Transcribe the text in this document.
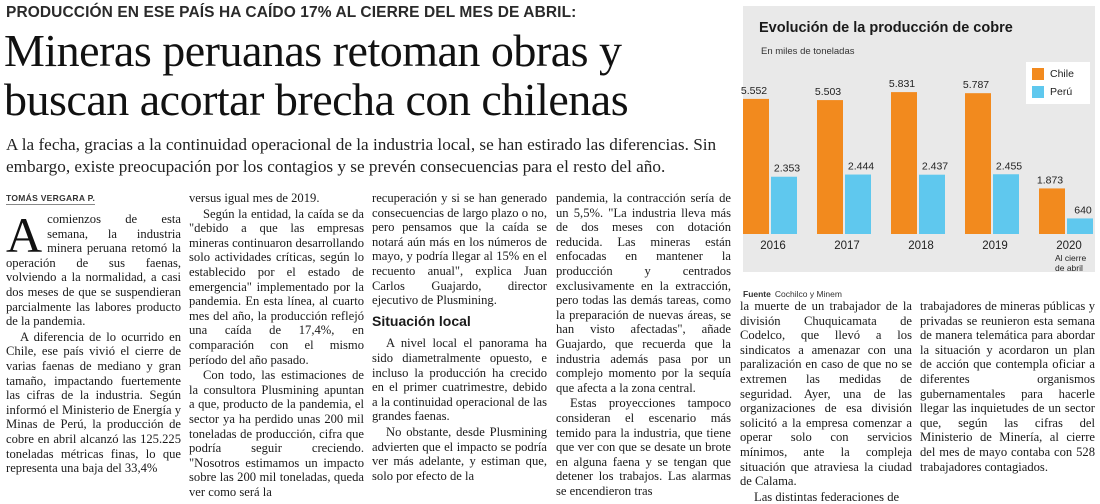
PRODUCCIÓN EN ESE PAÍS HA CAÍDO 17% AL CIERRE DEL MES DE ABRIL:
Mineras peruanas retoman obras y
buscan acortar brecha con chilenas
A la fecha, gracias a la continuidad operacional de la industria local, se han estirado las diferencias. Sin embargo, existe preocupación por los contagios y se prevén consecuencias para el resto del año.
TOMÁS VERGARA P.

Acomienzos de esta semana, la industria minera peruana retomó la operación de sus faenas, volviendo a la normalidad, a casi dos meses de que se suspendieran parcialmente las labores producto de la pandemia.

A diferencia de lo ocurrido en Chile, ese país vivió el cierre de varias faenas de mediano y gran tamaño, impactando fuertemente las cifras de la industria. Según informó el Ministerio de Energía y Minas de Perú, la producción de cobre en abril alcanzó las 125.225 toneladas métricas finas, lo que representa una baja del 33,4%

versus igual mes de 2019.

Según la entidad, la caída se da "debido a que las empresas mineras continuaron desarrollando solo actividades críticas, según lo establecido por el estado de emergencia" implementado por la pandemia. En esta línea, al cuarto mes del año, la producción reflejó una caída de 17,4%, en comparación con el mismo período del año pasado.

Con todo, las estimaciones de la consultora Plusmining apuntan a que, producto de la pandemia, el sector ya ha perdido unas 200 mil toneladas de producción, cifra que podría seguir creciendo. "Nosotros estimamos un impacto sobre las 200 mil toneladas, queda ver como será la

recuperación y si se han generado consecuencias de largo plazo o no, pero pensamos que la caída se notará aún más en los números de mayo, y podría llegar al 15% en el recuento anual", explica Juan Carlos Guajardo, director ejecutivo de Plusmining.

Situación local

A nivel local el panorama ha sido diametralmente opuesto, e incluso la producción ha crecido en el primer cuatrimestre, debido a la continuidad operacional de las grandes faenas.

No obstante, desde Plusmining advierten que el impacto se podría ver más adelante, y estiman que, solo por efecto de la

pandemia, la contracción sería de un 5,5%. "La industria lleva más de dos meses con dotación reducida. Las mineras están enfocadas en mantener la producción y centrados exclusivamente en la extracción, pero todas las demás tareas, como la preparación de nuevas áreas, se han visto afectadas", añade Guajardo, que recuerda que la industria además pasa por un complejo momento por la sequía que afecta a la zona central.

Estas proyecciones tampoco consideran el escenario más temido para la industria, que tiene que ver con que se desate un brote en alguna faena y se tengan que detener los trabajos. Las alarmas se encendieron tras

la muerte de un trabajador de la división Chuquicamata de Codelco, que llevó a los sindicatos a amenazar con una paralización en caso de que no se extremen las medidas de seguridad. Ayer, una de las organizaciones de esa división solicitó a la empresa comenzar a operar solo con servicios mínimos, ante la compleja situación que atraviesa la ciudad de Calama.

Las distintas federaciones de

trabajadores de mineras públicas y privadas se reunieron esta semana de manera telemática para abordar la situación y acordaron un plan de acción que contempla oficiar a diferentes organismos gubernamentales para hacerle llegar las inquietudes de un sector que, según las cifras del Ministerio de Minería, al cierre del mes de mayo contaba con 528 trabajadores contagiados.

Evolución de la producción de cobre
En miles de toneladas
5.552
2.353
2016
5.503
2.444
2017
5.831
2.437
2018
5.787
2.455
2019
1.873
640
2020
Al cierre
de abril
Chile
Perú
Fuente Cochilco y Minem
